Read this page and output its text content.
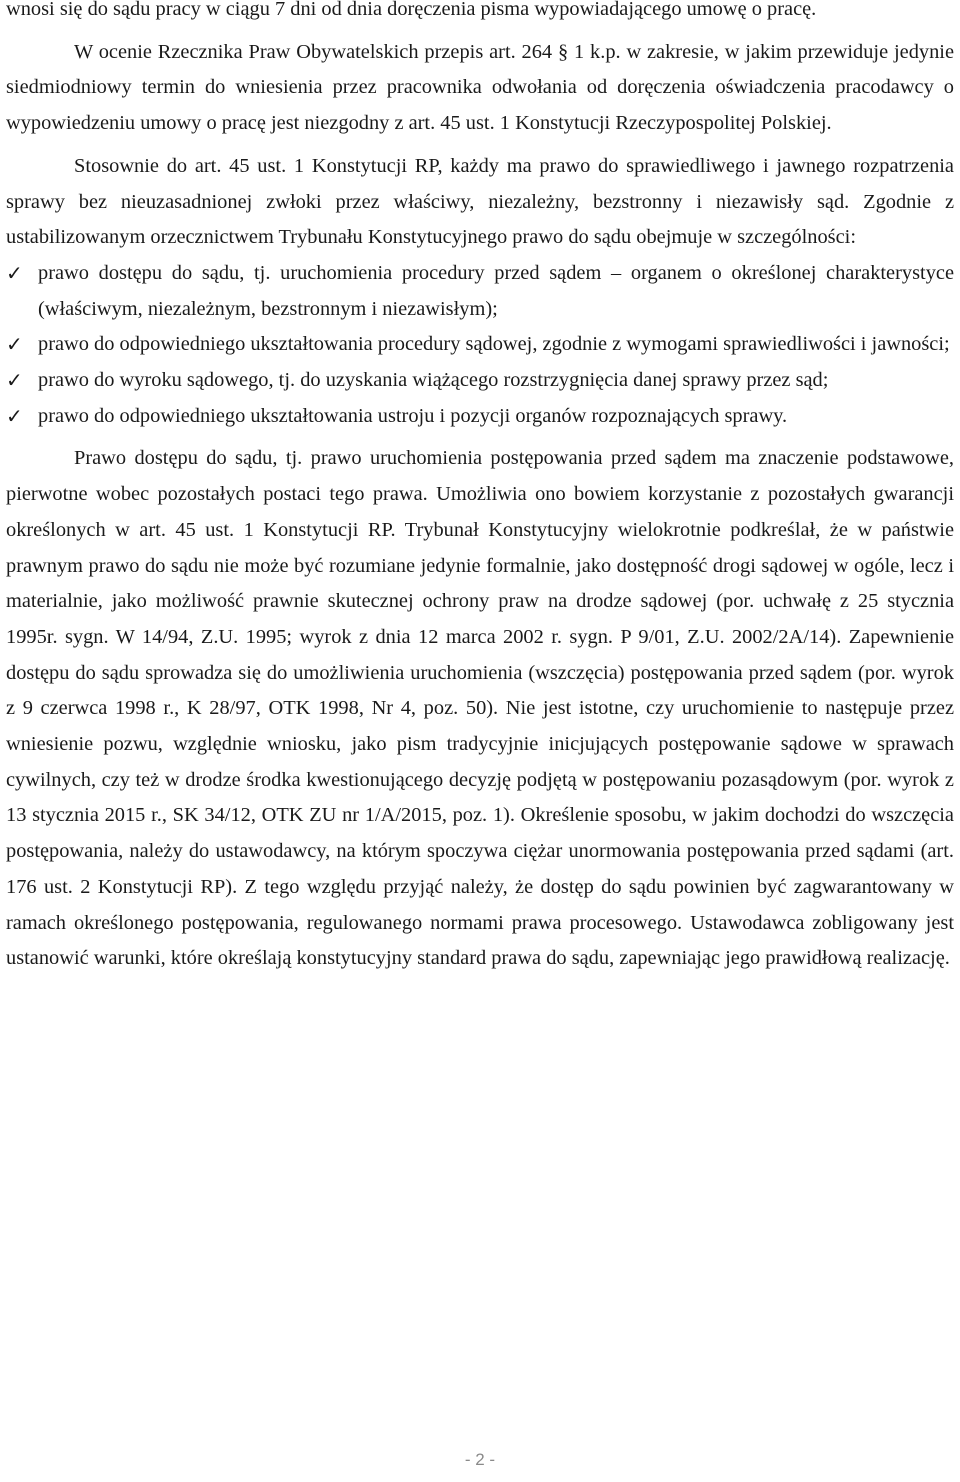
wnosi się do sądu pracy w ciągu 7 dni od dnia doręczenia pisma wypowiadającego umowę o pracę.

W ocenie Rzecznika Praw Obywatelskich przepis art. 264 § 1 k.p. w zakresie, w jakim przewiduje jedynie siedmiodniowy termin do wniesienia przez pracownika odwołania od doręczenia oświadczenia pracodawcy o wypowiedzeniu umowy o pracę jest niezgodny z art. 45 ust. 1 Konstytucji Rzeczypospolitej Polskiej.

Stosownie do art. 45 ust. 1 Konstytucji RP, każdy ma prawo do sprawiedliwego i jawnego rozpatrzenia sprawy bez nieuzasadnionej zwłoki przez właściwy, niezależny, bezstronny i niezawisły sąd. Zgodnie z ustabilizowanym orzecznictwem Trybunału Konstytucyjnego prawo do sądu obejmuje w szczególności:

✓ prawo dostępu do sądu, tj. uruchomienia procedury przed sądem – organem o określonej charakterystyce (właściwym, niezależnym, bezstronnym i niezawisłym);
✓ prawo do odpowiedniego ukształtowania procedury sądowej, zgodnie z wymogami sprawiedliwości i jawności;
✓ prawo do wyroku sądowego, tj. do uzyskania wiążącego rozstrzygnięcia danej sprawy przez sąd;
✓ prawo do odpowiedniego ukształtowania ustroju i pozycji organów rozpoznających sprawy.

Prawo dostępu do sądu, tj. prawo uruchomienia postępowania przed sądem ma znaczenie podstawowe, pierwotne wobec pozostałych postaci tego prawa. Umożliwia ono bowiem korzystanie z pozostałych gwarancji określonych w art. 45 ust. 1 Konstytucji RP. Trybunał Konstytucyjny wielokrotnie podkreślał, że w państwie prawnym prawo do sądu nie może być rozumiane jedynie formalnie, jako dostępność drogi sądowej w ogóle, lecz i materialnie, jako możliwość prawnie skutecznej ochrony praw na drodze sądowej (por. uchwałę z 25 stycznia 1995r. sygn. W 14/94, Z.U. 1995; wyrok z dnia 12 marca 2002 r. sygn. P 9/01, Z.U. 2002/2A/14). Zapewnienie dostępu do sądu sprowadza się do umożliwienia uruchomienia (wszczęcia) postępowania przed sądem (por. wyrok z 9 czerwca 1998 r., K 28/97, OTK 1998, Nr 4, poz. 50). Nie jest istotne, czy uruchomienie to następuje przez wniesienie pozwu, względnie wniosku, jako pism tradycyjnie inicjujących postępowanie sądowe w sprawach cywilnych, czy też w drodze środka kwestionującego decyzję podjętą w postępowaniu pozasądowym (por. wyrok z 13 stycznia 2015 r., SK 34/12, OTK ZU nr 1/A/2015, poz. 1). Określenie sposobu, w jakim dochodzi do wszczęcia postępowania, należy do ustawodawcy, na którym spoczywa ciężar unormowania postępowania przed sądami (art. 176 ust. 2 Konstytucji RP). Z tego względu przyjąć należy, że dostęp do sądu powinien być zagwarantowany w ramach określonego postępowania, regulowanego normami prawa procesowego. Ustawodawca zobligowany jest ustanowić warunki, które określają konstytucyjny standard prawa do sądu, zapewniając jego prawidłową realizację.

- 2 -
